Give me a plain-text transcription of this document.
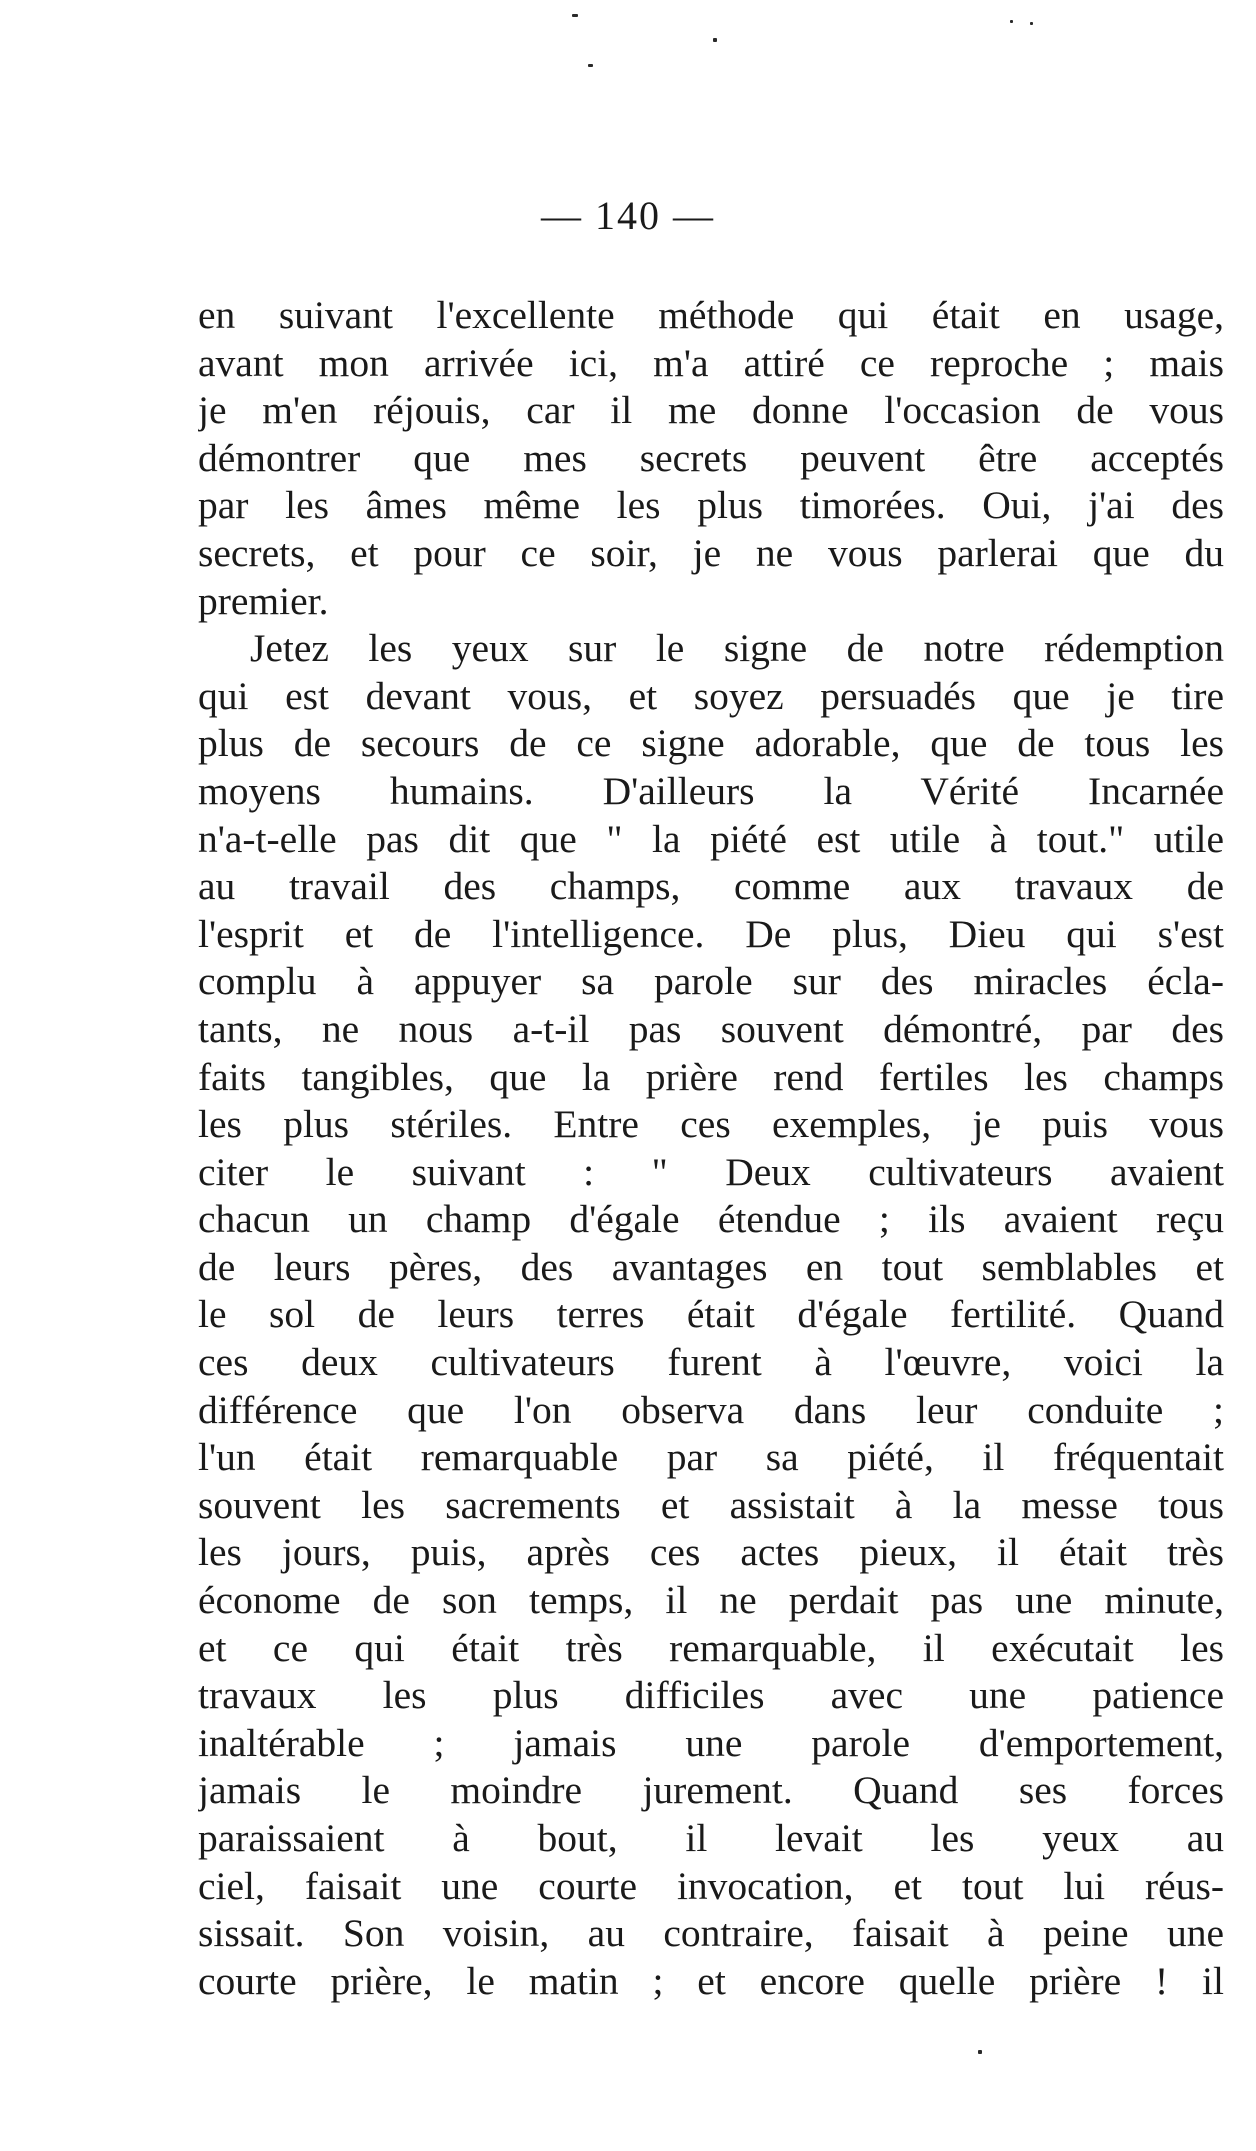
— 140 —
en suivant l'excellente méthode qui était en usage,
avant mon arrivée ici, m'a attiré ce reproche ; mais
je m'en réjouis, car il me donne l'occasion de vous
démontrer que mes secrets peuvent être acceptés
par les âmes même les plus timorées. Oui, j'ai des
secrets, et pour ce soir, je ne vous parlerai que du
premier.
Jetez les yeux sur le signe de notre rédemption
qui est devant vous, et soyez persuadés que je tire
plus de secours de ce signe adorable, que de tous les
moyens humains. D'ailleurs la Vérité Incarnée
n'a-t-elle pas dit que " la piété est utile à tout." utile
au travail des champs, comme aux travaux de
l'esprit et de l'intelligence. De plus, Dieu qui s'est
complu à appuyer sa parole sur des miracles écla-
tants, ne nous a-t-il pas souvent démontré, par des
faits tangibles, que la prière rend fertiles les champs
les plus stériles. Entre ces exemples, je puis vous
citer le suivant : " Deux cultivateurs avaient
chacun un champ d'égale étendue ; ils avaient reçu
de leurs pères, des avantages en tout semblables et
le sol de leurs terres était d'égale fertilité. Quand
ces deux cultivateurs furent à l'œuvre, voici la
différence que l'on observa dans leur conduite ;
l'un était remarquable par sa piété, il fréquentait
souvent les sacrements et assistait à la messe tous
les jours, puis, après ces actes pieux, il était très
économe de son temps, il ne perdait pas une minute,
et ce qui était très remarquable, il exécutait les
travaux les plus difficiles avec une patience
inaltérable ; jamais une parole d'emportement,
jamais le moindre jurement. Quand ses forces
paraissaient à bout, il levait les yeux au
ciel, faisait une courte invocation, et tout lui réus-
sissait. Son voisin, au contraire, faisait à peine une
courte prière, le matin ; et encore quelle prière ! il
